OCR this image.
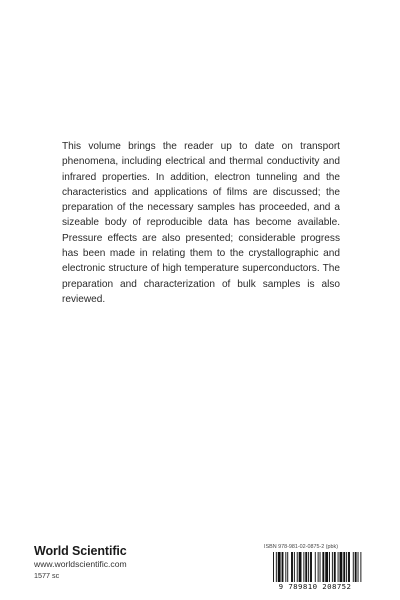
This volume brings the reader up to date on transport phenomena, including electrical and thermal conductivity and infrared properties. In addition, electron tunneling and the characteristics and applications of films are discussed; the preparation of the necessary samples has proceeded, and a sizeable body of reproducible data has become available. Pressure effects are also presented; considerable progress has been made in relating them to the crystallographic and electronic structure of high temperature superconductors. The preparation and characterization of bulk samples is also reviewed.

World Scientific
www.worldscientific.com
1577 sc
ISBN 978-981-02-0875-2 (pbk)
9 789810 208752
